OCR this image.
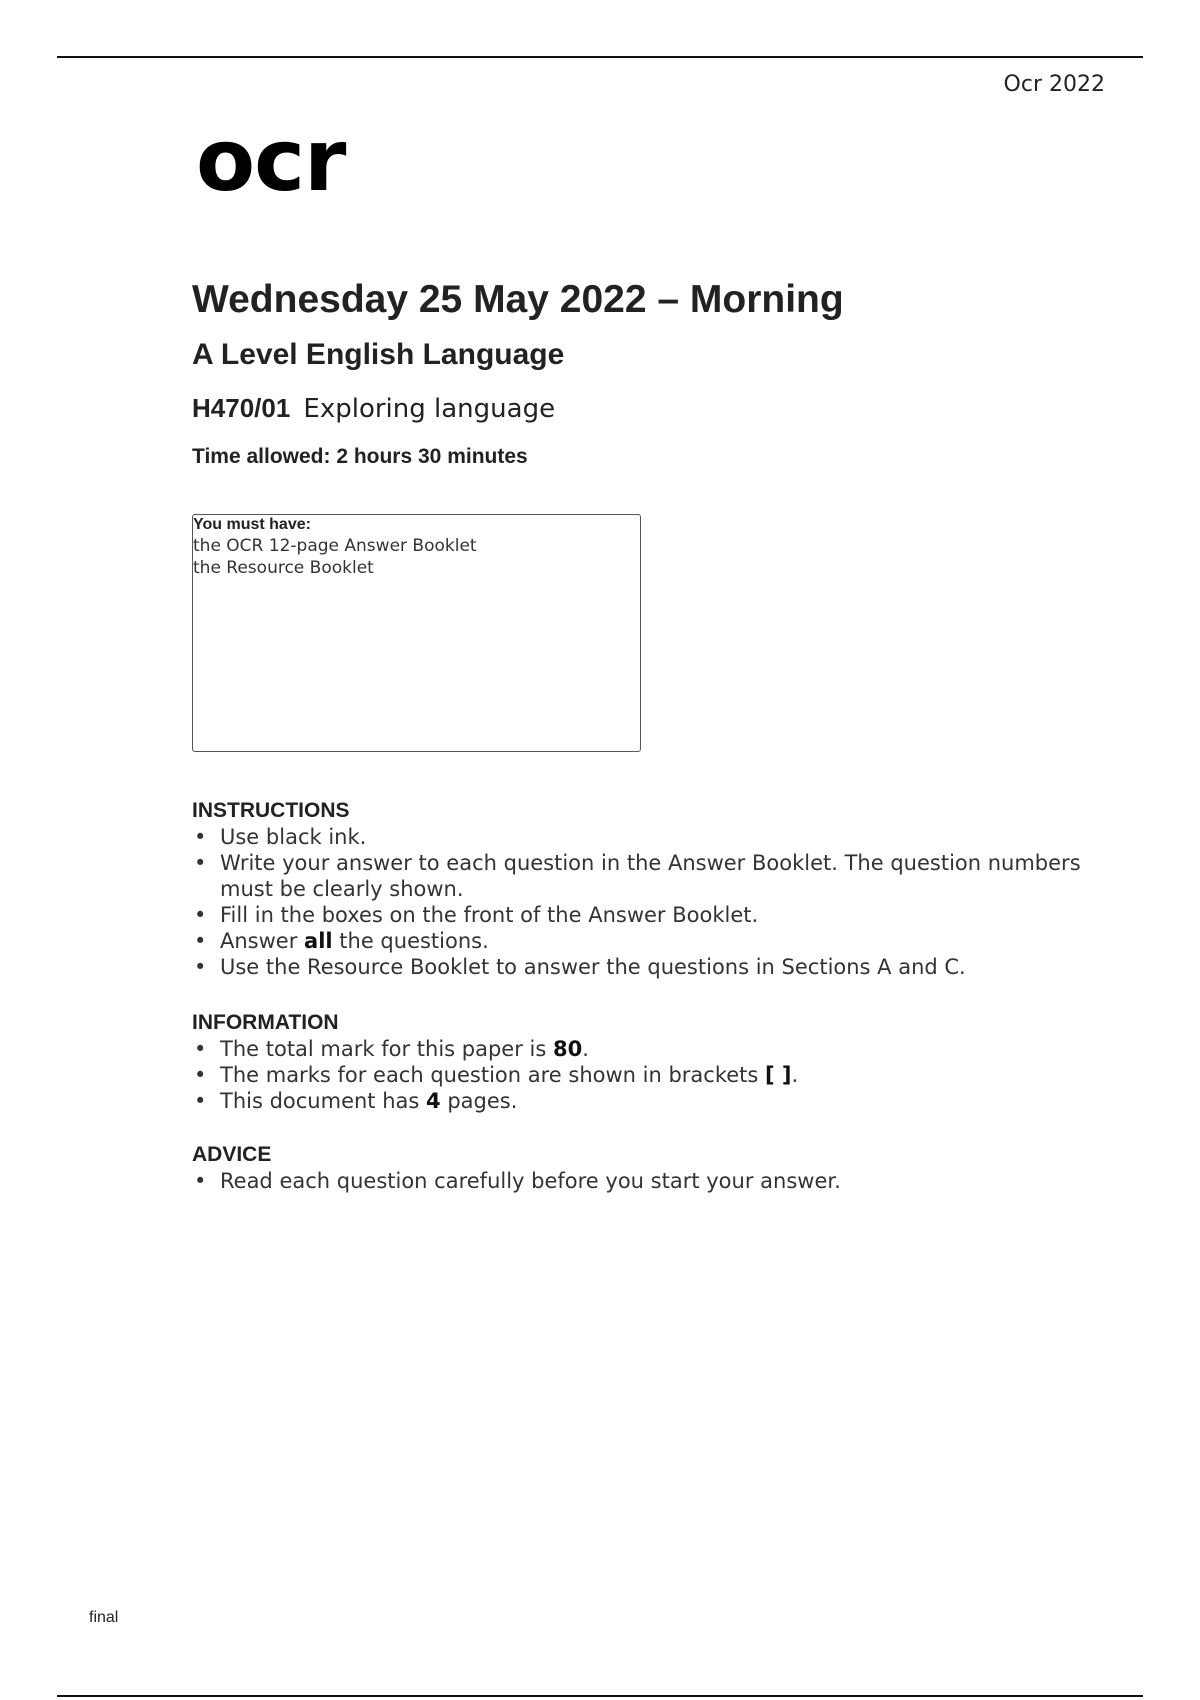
Ocr 2022
ocr
Wednesday 25 May 2022 – Morning
A Level English Language
H470/01 Exploring language
Time allowed: 2 hours 30 minutes
You must have:
the OCR 12-page Answer Booklet
the Resource Booklet
INSTRUCTIONS
• Use black ink.
• Write your answer to each question in the Answer Booklet. The question numbers must be clearly shown.
• Fill in the boxes on the front of the Answer Booklet.
• Answer all the questions.
• Use the Resource Booklet to answer the questions in Sections A and C.
INFORMATION
• The total mark for this paper is 80.
• The marks for each question are shown in brackets [ ].
• This document has 4 pages.
ADVICE
• Read each question carefully before you start your answer.
final
